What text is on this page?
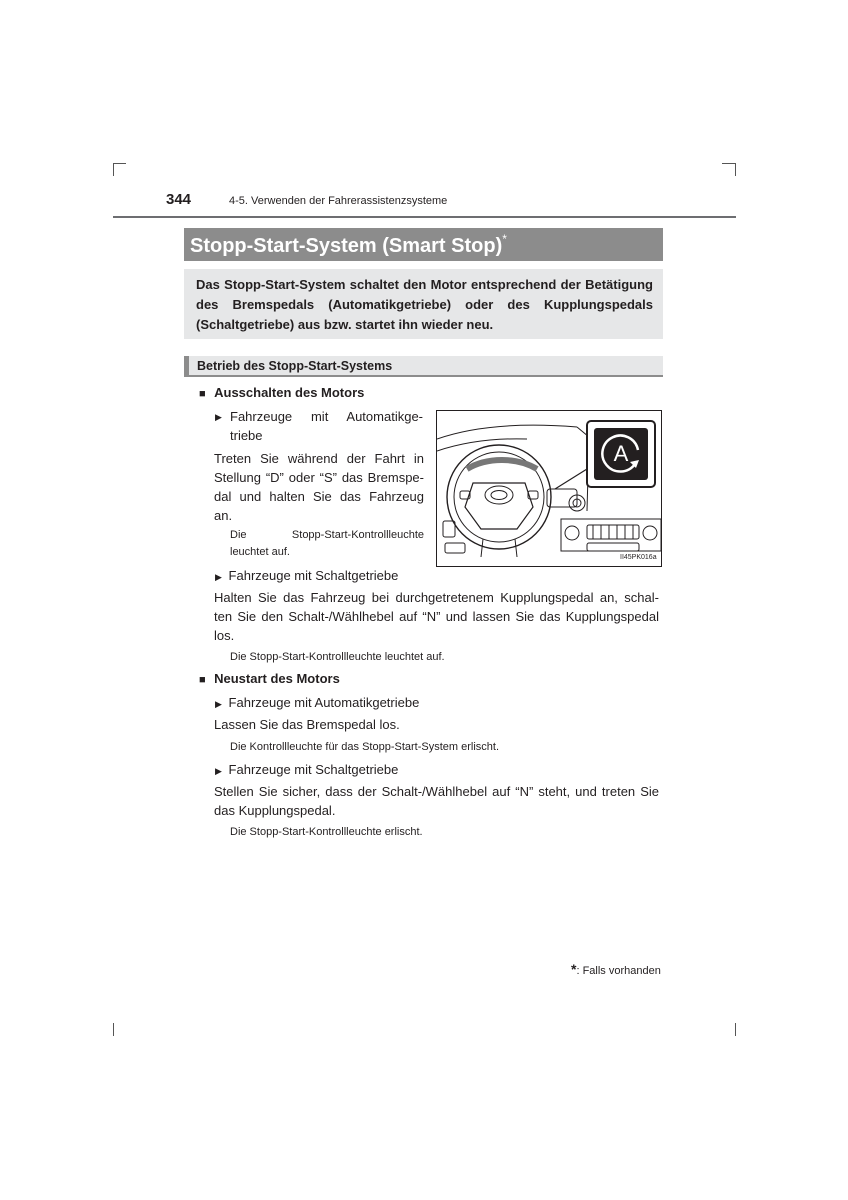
344	4-5. Verwenden der Fahrerassistenzsysteme
Stopp-Start-System (Smart Stop)*
Das Stopp-Start-System schaltet den Motor entsprechend der Betätigung des Bremspedals (Automatikgetriebe) oder des Kupplungspedals (Schaltgetriebe) aus bzw. startet ihn wieder neu.
Betrieb des Stopp-Start-Systems
■ Ausschalten des Motors
▶ Fahrzeuge mit Automatikge-
triebe
Treten Sie während der Fahrt in
Stellung “D” oder “S” das Bremspe-
dal und halten Sie das Fahrzeug
an.
Die Stopp-Start-Kontrollleuchte
leuchtet auf.
▶ Fahrzeuge mit Schaltgetriebe
Halten Sie das Fahrzeug bei durchgetretenem Kupplungspedal an, schal-
ten Sie den Schalt-/Wählhebel auf “N” und lassen Sie das Kupplungspedal
los.
Die Stopp-Start-Kontrollleuchte leuchtet auf.
■ Neustart des Motors
▶ Fahrzeuge mit Automatikgetriebe
Lassen Sie das Bremspedal los.
Die Kontrollleuchte für das Stopp-Start-System erlischt.
▶ Fahrzeuge mit Schaltgetriebe
Stellen Sie sicher, dass der Schalt-/Wählhebel auf “N” steht, und treten Sie
das Kupplungspedal.
Die Stopp-Start-Kontrollleuchte erlischt.
A
II45PK016a
*: Falls vorhanden
